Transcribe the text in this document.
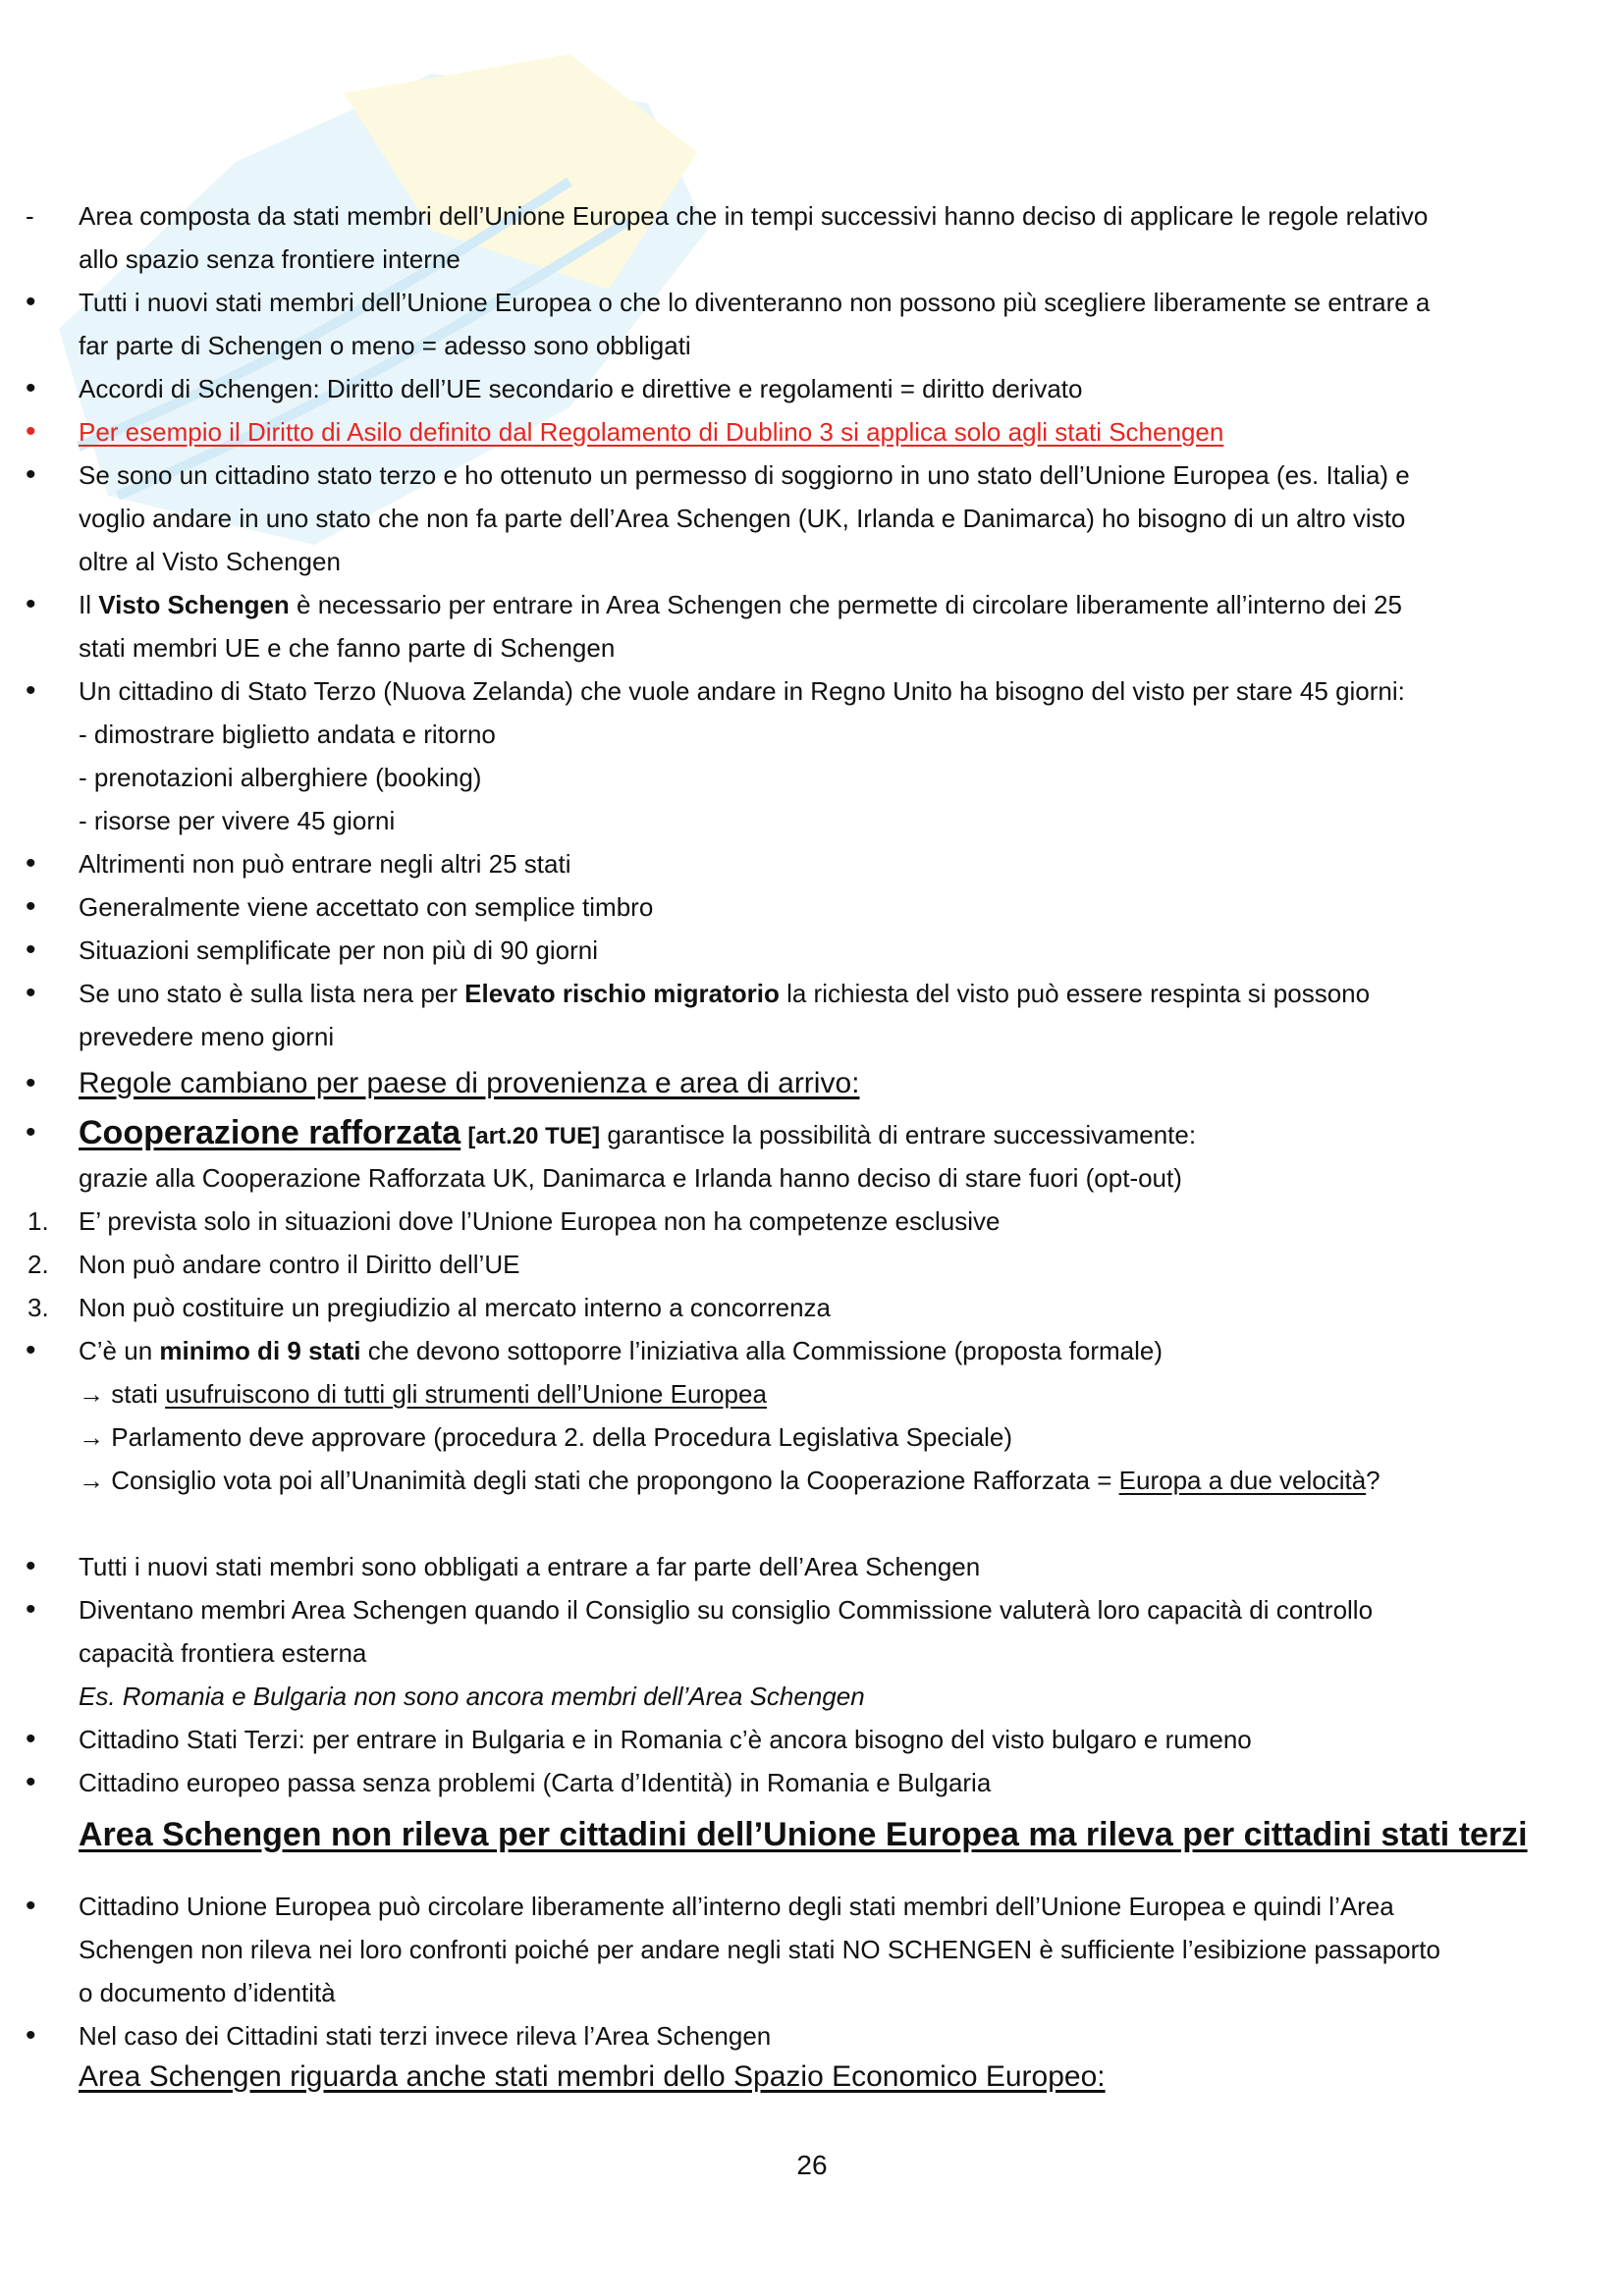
-	Area composta da stati membri dell’Unione Europea che in tempi successivi hanno deciso di applicare le regole relativo
allo spazio senza frontiere interne
•	Tutti i nuovi stati membri dell’Unione Europea o che lo diventeranno non possono più scegliere liberamente se entrare a
far parte di Schengen o meno = adesso sono obbligati
•	Accordi di Schengen: Diritto dell’UE secondario e direttive e regolamenti = diritto derivato
•	Per esempio il Diritto di Asilo definito dal Regolamento di Dublino 3 si applica solo agli stati Schengen
•	Se sono un cittadino stato terzo e ho ottenuto un permesso di soggiorno in uno stato dell’Unione Europea (es. Italia) e
voglio andare in uno stato che non fa parte dell’Area Schengen (UK, Irlanda e Danimarca) ho bisogno di un altro visto
oltre al Visto Schengen
•	Il Visto Schengen è necessario per entrare in Area Schengen che permette di circolare liberamente all’interno dei 25
stati membri UE e che fanno parte di Schengen
•	Un cittadino di Stato Terzo (Nuova Zelanda) che vuole andare in Regno Unito ha bisogno del visto per stare 45 giorni:
- dimostrare biglietto andata e ritorno
- prenotazioni alberghiere (booking)
- risorse per vivere 45 giorni
•	Altrimenti non può entrare negli altri 25 stati
•	Generalmente viene accettato con semplice timbro
•	Situazioni semplificate per non più di 90 giorni
•	Se uno stato è sulla lista nera per Elevato rischio migratorio la richiesta del visto può essere respinta si possono
prevedere meno giorni
•	Regole cambiano per paese di provenienza e area di arrivo:
•	Cooperazione rafforzata [art.20 TUE] garantisce la possibilità di entrare successivamente:
grazie alla Cooperazione Rafforzata UK, Danimarca e Irlanda hanno deciso di stare fuori (opt-out)
1.	E’ prevista solo in situazioni dove l’Unione Europea non ha competenze esclusive
2.	Non può andare contro il Diritto dell’UE
3.	Non può costituire un pregiudizio al mercato interno a concorrenza
•	C’è un minimo di 9 stati che devono sottoporre l’iniziativa alla Commissione (proposta formale)
→ stati usufruiscono di tutti gli strumenti dell’Unione Europea
→ Parlamento deve approvare (procedura 2. della Procedura Legislativa Speciale)
→ Consiglio vota poi all’Unanimità degli stati che propongono la Cooperazione Rafforzata = Europa a due velocità?
•	Tutti i nuovi stati membri sono obbligati a entrare a far parte dell’Area Schengen
•	Diventano membri Area Schengen quando il Consiglio su consiglio Commissione valuterà loro capacità di controllo
capacità frontiera esterna
Es. Romania e Bulgaria non sono ancora membri dell’Area Schengen
•	Cittadino Stati Terzi: per entrare in Bulgaria e in Romania c’è ancora bisogno del visto bulgaro e rumeno
•	Cittadino europeo passa senza problemi (Carta d’Identità) in Romania e Bulgaria
Area Schengen non rileva per cittadini dell’Unione Europea ma rileva per cittadini stati terzi
•	Cittadino Unione Europea può circolare liberamente all’interno degli stati membri dell’Unione Europea e quindi l’Area
Schengen non rileva nei loro confronti poiché per andare negli stati NO SCHENGEN è sufficiente l’esibizione passaporto
o documento d’identità
•	Nel caso dei Cittadini stati terzi invece rileva l’Area Schengen
Area Schengen riguarda anche stati membri dello Spazio Economico Europeo:
26
